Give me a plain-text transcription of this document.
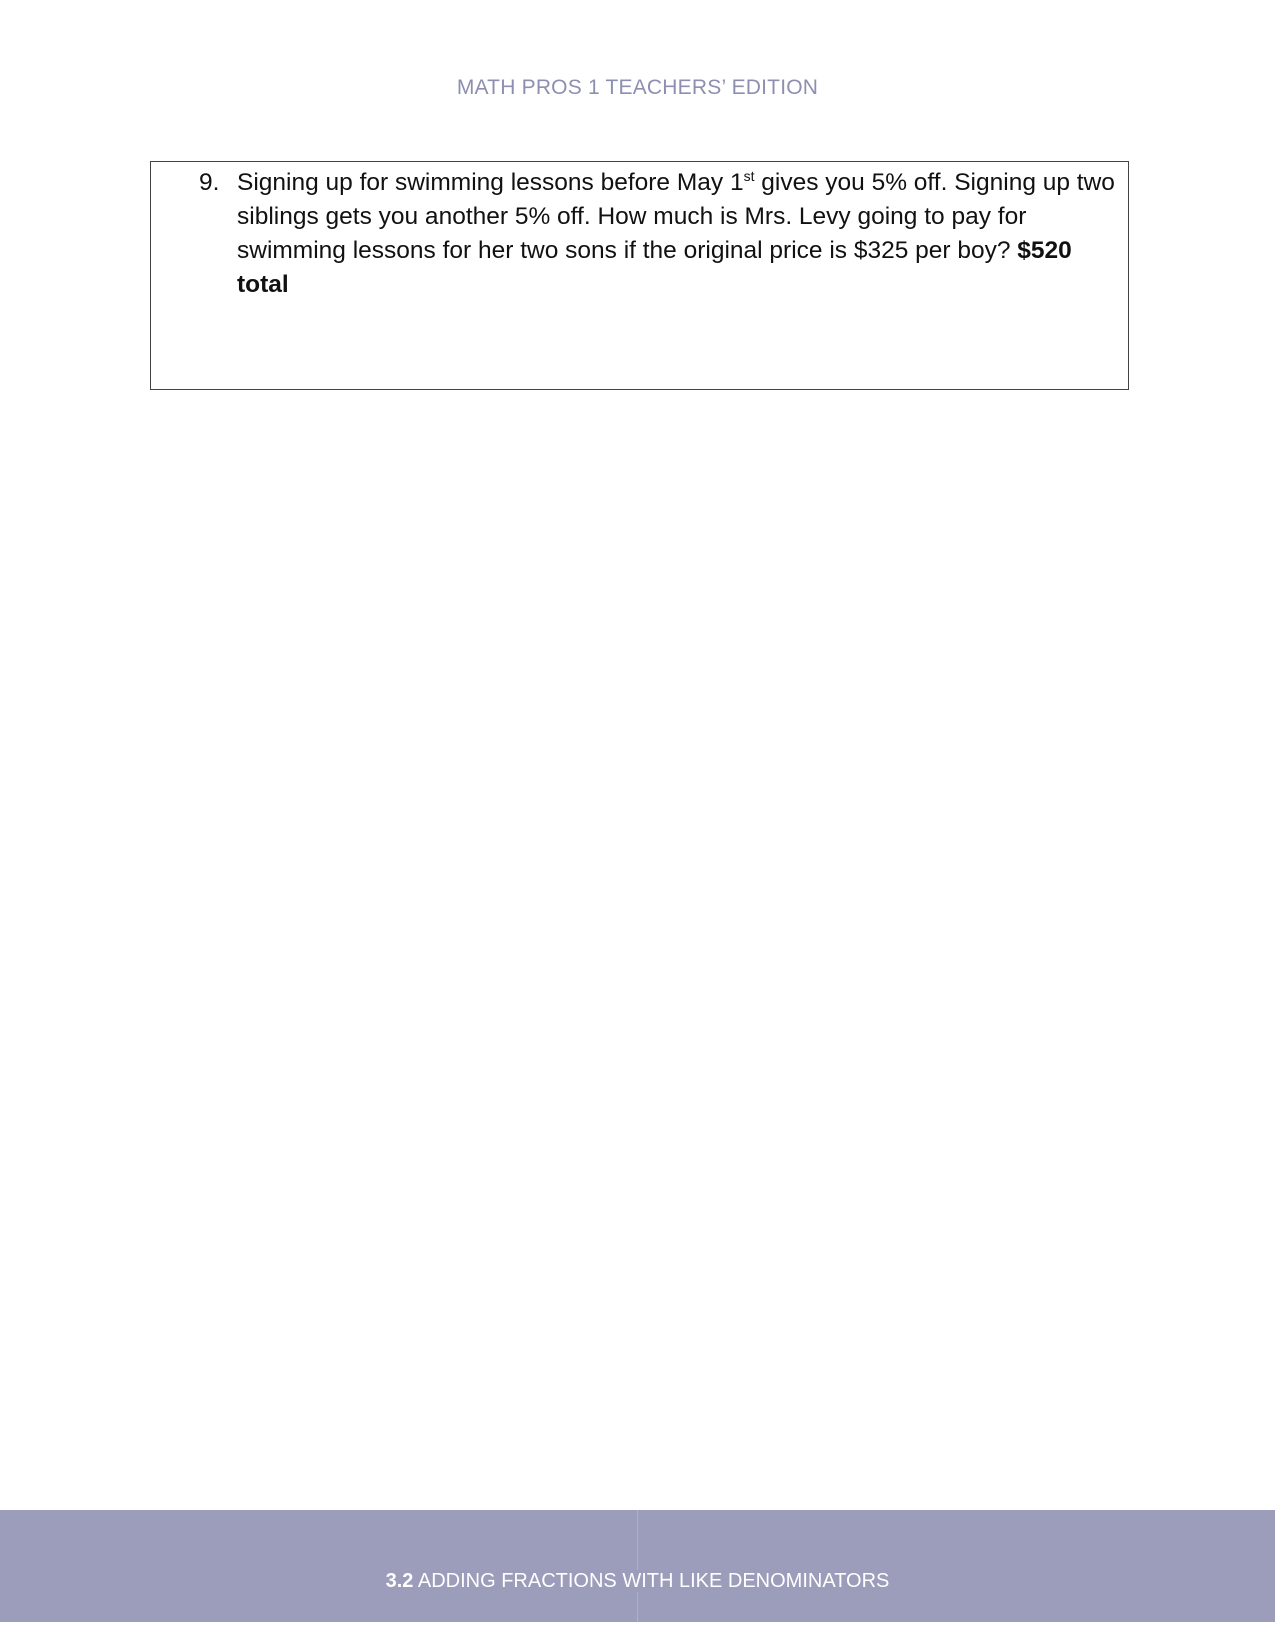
MATH PROS 1 TEACHERS’ EDITION
9. Signing up for swimming lessons before May 1st gives you 5% off. Signing up two siblings gets you another 5% off. How much is Mrs. Levy going to pay for swimming lessons for her two sons if the original price is $325 per boy? $520 total
3.2 ADDING FRACTIONS WITH LIKE DENOMINATORS
